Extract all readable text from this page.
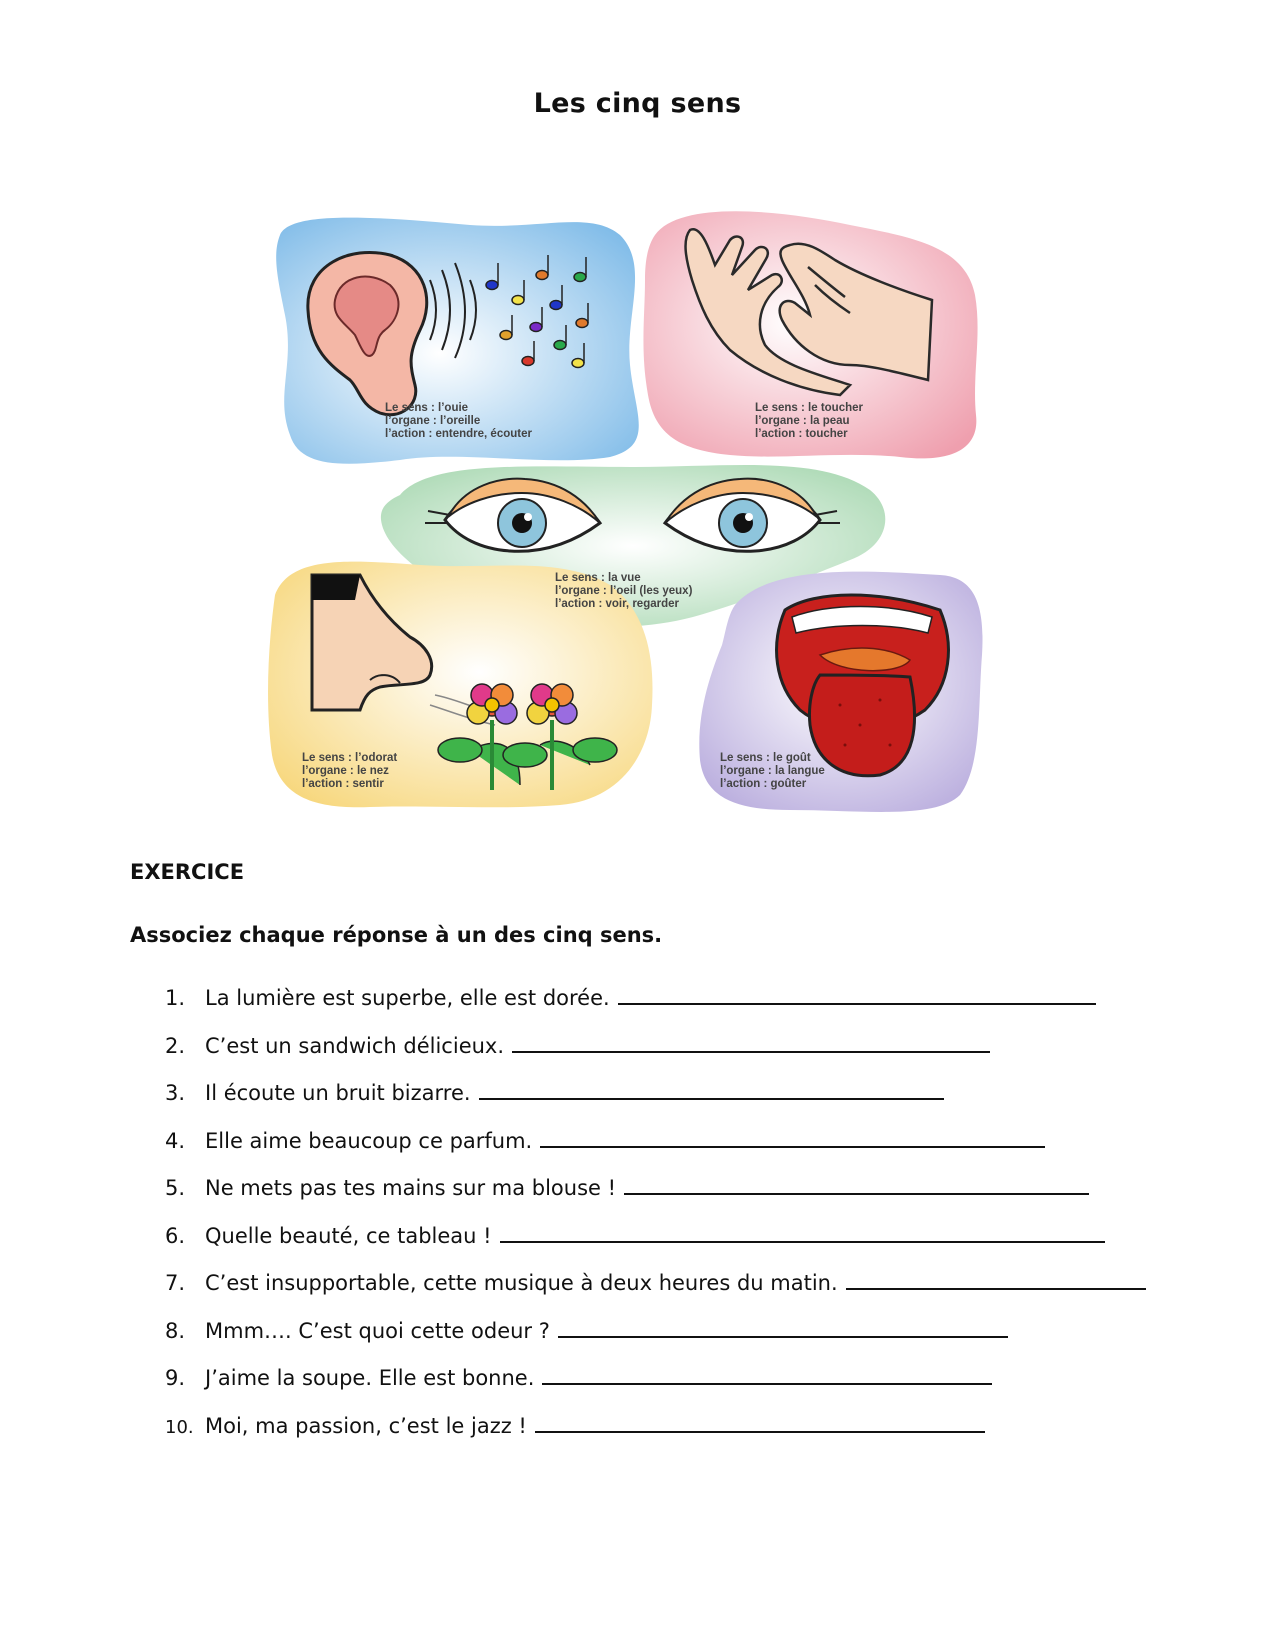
Les cinq sens
Le sens : l’ouie
l’organe : l’oreille
l’action : entendre, écouter
Le sens : le toucher
l’organe : la peau
l’action : toucher
Le sens : la vue
l’organe : l’oeil (les yeux)
l’action : voir, regarder
Le sens : l’odorat
l’organe : le nez
l’action : sentir
Le sens : le goût
l’organe : la langue
l’action : goûter
EXERCICE
Associez chaque réponse à un des cinq sens.
1. La lumière est superbe, elle est dorée.
2. C’est un sandwich délicieux.
3. Il écoute un bruit bizarre.
4. Elle aime beaucoup ce parfum.
5. Ne mets pas tes mains sur ma blouse !
6. Quelle beauté, ce tableau !
7. C’est insupportable, cette musique à deux heures du matin.
8. Mmm…. C’est quoi cette odeur ?
9. J’aime la soupe. Elle est bonne.
10. Moi, ma passion, c’est le jazz !
